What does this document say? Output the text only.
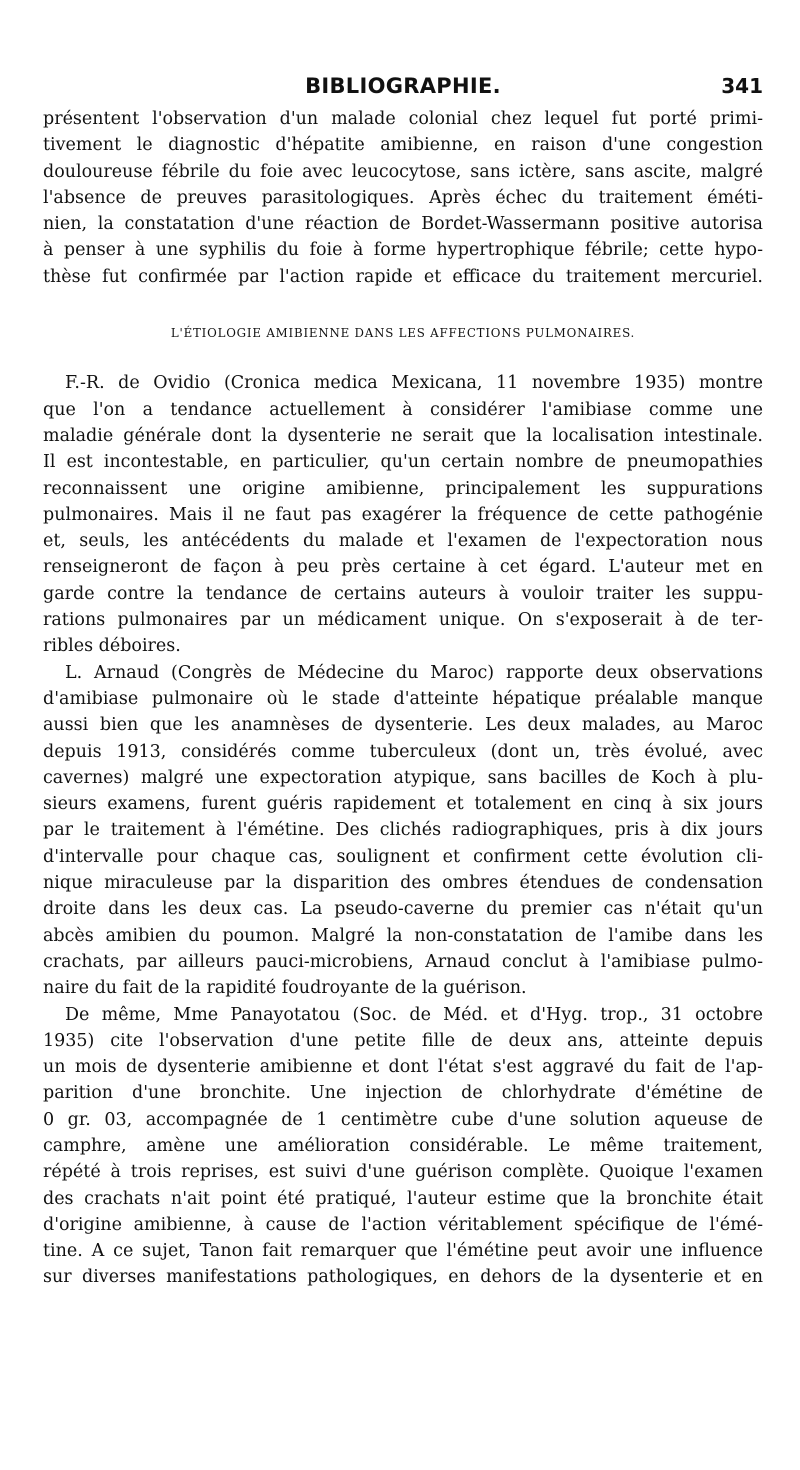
BIBLIOGRAPHIE.	341

présentent l'observation d'un malade colonial chez lequel fut porté primi-
tivement le diagnostic d'hépatite amibienne, en raison d'une congestion
douloureuse fébrile du foie avec leucocytose, sans ictère, sans ascite, malgré
l'absence de preuves parasitologiques. Après échec du traitement éméti-
nien, la constatation d'une réaction de Bordet-Wassermann positive autorisa
à penser à une syphilis du foie à forme hypertrophique fébrile; cette hypo-
thèse fut confirmée par l'action rapide et efficace du traitement mercuriel.

L'ÉTIOLOGIE AMIBIENNE DANS LES AFFECTIONS PULMONAIRES.

F.-R. de Ovidio (Cronica medica Mexicana, 11 novembre 1935) montre
que l'on a tendance actuellement à considérer l'amibiase comme une
maladie générale dont la dysenterie ne serait que la localisation intestinale.
Il est incontestable, en particulier, qu'un certain nombre de pneumopathies
reconnaissent une origine amibienne, principalement les suppurations
pulmonaires. Mais il ne faut pas exagérer la fréquence de cette pathogénie
et, seuls, les antécédents du malade et l'examen de l'expectoration nous
renseigneront de façon à peu près certaine à cet égard. L'auteur met en
garde contre la tendance de certains auteurs à vouloir traiter les suppu-
rations pulmonaires par un médicament unique. On s'exposerait à de ter-
ribles déboires.

L. Arnaud (Congrès de Médecine du Maroc) rapporte deux observations
d'amibiase pulmonaire où le stade d'atteinte hépatique préalable manque
aussi bien que les anamnèses de dysenterie. Les deux malades, au Maroc
depuis 1913, considérés comme tuberculeux (dont un, très évolué, avec
cavernes) malgré une expectoration atypique, sans bacilles de Koch à plu-
sieurs examens, furent guéris rapidement et totalement en cinq à six jours
par le traitement à l'émétine. Des clichés radiographiques, pris à dix jours
d'intervalle pour chaque cas, soulignent et confirment cette évolution cli-
nique miraculeuse par la disparition des ombres étendues de condensation
droite dans les deux cas. La pseudo-caverne du premier cas n'était qu'un
abcès amibien du poumon. Malgré la non-constatation de l'amibe dans les
crachats, par ailleurs pauci-microbiens, Arnaud conclut à l'amibiase pulmo-
naire du fait de la rapidité foudroyante de la guérison.

De même, Mme Panayotatou (Soc. de Méd. et d'Hyg. trop., 31 octobre
1935) cite l'observation d'une petite fille de deux ans, atteinte depuis
un mois de dysenterie amibienne et dont l'état s'est aggravé du fait de l'ap-
parition d'une bronchite. Une injection de chlorhydrate d'émétine de
0 gr. 03, accompagnée de 1 centimètre cube d'une solution aqueuse de
camphre, amène une amélioration considérable. Le même traitement,
répété à trois reprises, est suivi d'une guérison complète. Quoique l'examen
des crachats n'ait point été pratiqué, l'auteur estime que la bronchite était
d'origine amibienne, à cause de l'action véritablement spécifique de l'émé-
tine. A ce sujet, Tanon fait remarquer que l'émétine peut avoir une influence
sur diverses manifestations pathologiques, en dehors de la dysenterie et en
